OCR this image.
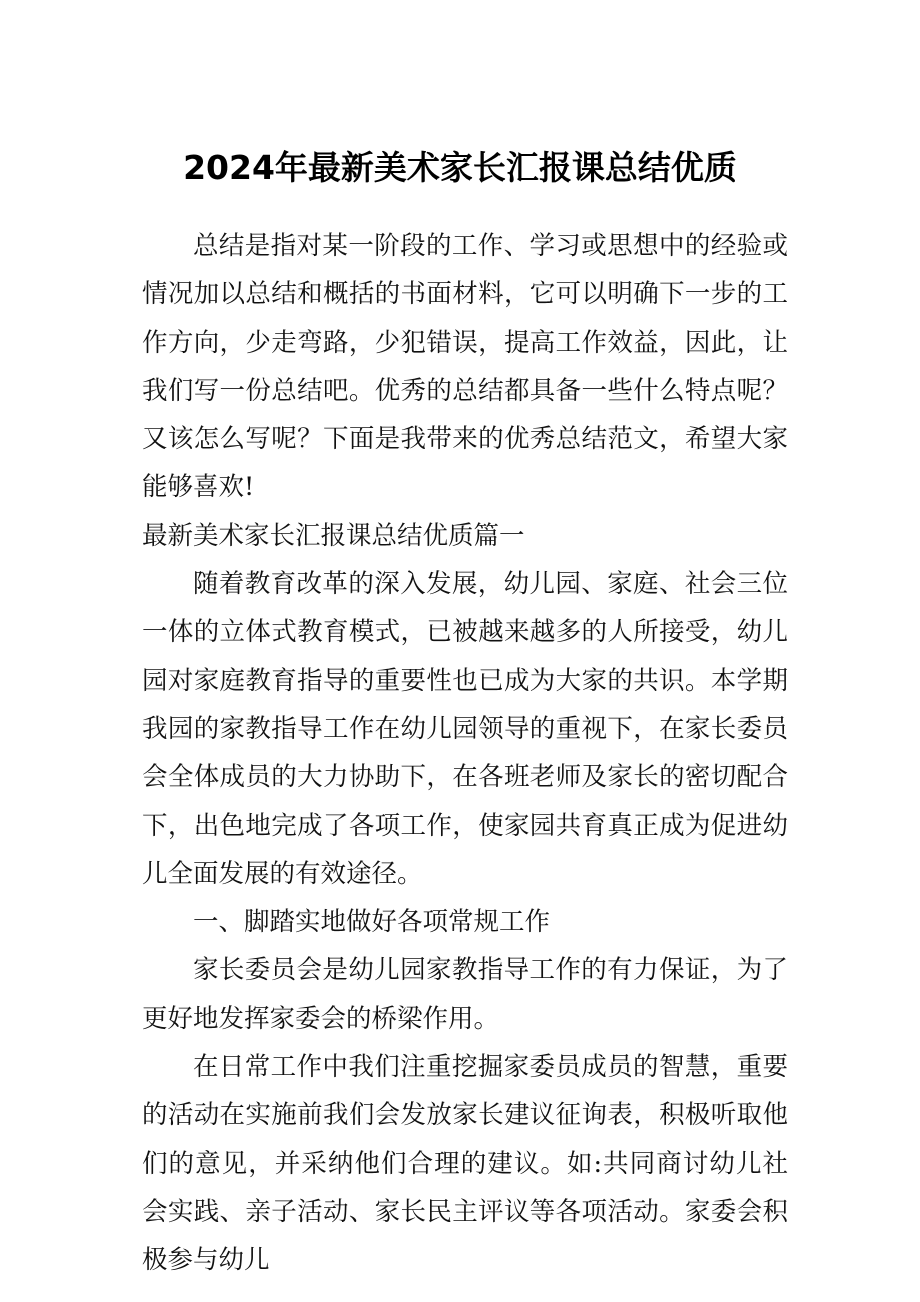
2024年最新美术家长汇报课总结优质

总结是指对某一阶段的工作、学习或思想中的经验或情况加以总结和概括的书面材料，它可以明确下一步的工作方向，少走弯路，少犯错误，提高工作效益，因此，让我们写一份总结吧。优秀的总结都具备一些什么特点呢？又该怎么写呢？下面是我带来的优秀总结范文，希望大家能够喜欢!

最新美术家长汇报课总结优质篇一

随着教育改革的深入发展，幼儿园、家庭、社会三位一体的立体式教育模式，已被越来越多的人所接受，幼儿园对家庭教育指导的重要性也已成为大家的共识。本学期我园的家教指导工作在幼儿园领导的重视下，在家长委员会全体成员的大力协助下，在各班老师及家长的密切配合下，出色地完成了各项工作，使家园共育真正成为促进幼儿全面发展的有效途径。

一、脚踏实地做好各项常规工作

家长委员会是幼儿园家教指导工作的有力保证，为了更好地发挥家委会的桥梁作用。

在日常工作中我们注重挖掘家委员成员的智慧，重要的活动在实施前我们会发放家长建议征询表，积极听取他们的意见，并采纳他们合理的建议。如:共同商讨幼儿社会实践、亲子活动、家长民主评议等各项活动。家委会积极参与幼儿
